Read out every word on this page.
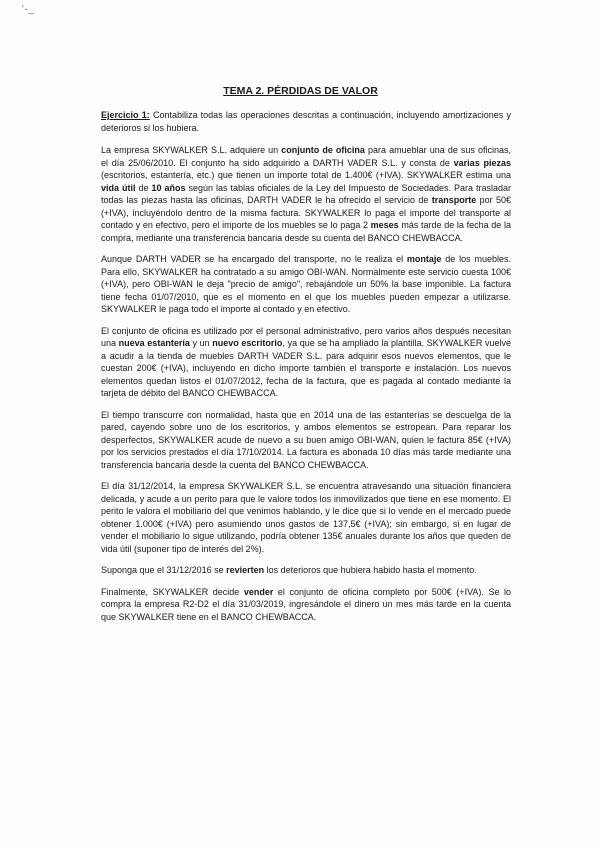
ʹ-_
TEMA 2. PÉRDIDAS DE VALOR

Ejercicio 1: Contabiliza todas las operaciones descritas a continuación, incluyendo amortizaciones y deterioros si los hubiera.

La empresa SKYWALKER S.L. adquiere un conjunto de oficina para amueblar una de sus oficinas, el día 25/06/2010. El conjunto ha sido adquirido a DARTH VADER S.L. y consta de varias piezas (escritorios, estantería, etc.) que tienen un importe total de 1.400€ (+IVA). SKYWALKER estima una vida útil de 10 años según las tablas oficiales de la Ley del Impuesto de Sociedades. Para trasladar todas las piezas hasta las oficinas, DARTH VADER le ha ofrecido el servicio de transporte por 50€ (+IVA), incluyéndolo dentro de la misma factura. SKYWALKER lo paga el importe del transporte al contado y en efectivo, pero el importe de los muebles se lo paga 2 meses más tarde de la fecha de la compra, mediante una transferencia bancaria desde su cuenta del BANCO CHEWBACCA.

Aunque DARTH VADER se ha encargado del transporte, no le realiza el montaje de los muebles. Para ello, SKYWALKER ha contratado a su amigo OBI-WAN. Normalmente este servicio cuesta 100€ (+IVA), pero OBI-WAN le deja "precio de amigo", rebajándole un 50% la base imponible. La factura tiene fecha 01/07/2010, que es el momento en el que los muebles pueden empezar a utilizarse. SKYWALKER le paga todo el importe al contado y en efectivo.

El conjunto de oficina es utilizado por el personal administrativo, pero varios años después necesitan una nueva estantería y un nuevo escritorio, ya que se ha ampliado la plantilla. SKYWALKER vuelve a acudir a la tienda de muebles DARTH VADER S.L. para adquirir esos nuevos elementos, que le cuestan 200€ (+IVA), incluyendo en dicho importe también el transporte e instalación. Los nuevos elementos quedan listos el 01/07/2012, fecha de la factura, que es pagada al contado mediante la tarjeta de débito del BANCO CHEWBACCA.

El tiempo transcurre con normalidad, hasta que en 2014 una de las estanterías se descuelga de la pared, cayendo sobre uno de los escritorios, y ambos elementos se estropean. Para reparar los desperfectos, SKYWALKER acude de nuevo a su buen amigo OBI-WAN, quien le factura 85€ (+IVA) por los servicios prestados el día 17/10/2014. La factura es abonada 10 días más tarde mediante una transferencia bancaria desde la cuenta del BANCO CHEWBACCA.

El día 31/12/2014, la empresa SKYWALKER S.L. se encuentra atravesando una situación financiera delicada, y acude a un perito para que le valore todos los inmovilizados que tiene en ese momento. El perito le valora el mobiliario del que venimos hablando, y le dice que si lo vende en el mercado puede obtener 1.000€ (+IVA) pero asumiendo unos gastos de 137,5€ (+IVA); sin embargo, si en lugar de vender el mobiliario lo sigue utilizando, podría obtener 135€ anuales durante los años que queden de vida útil (suponer tipo de interés del 2%).

Suponga que el 31/12/2016 se revierten los deterioros que hubiera habido hasta el momento.

Finalmente, SKYWALKER decide vender el conjunto de oficina completo por 500€ (+IVA). Se lo compra la empresa R2-D2 el día 31/03/2019, ingresándole el dinero un mes más tarde en la cuenta que SKYWALKER tiene en el BANCO CHEWBACCA.
